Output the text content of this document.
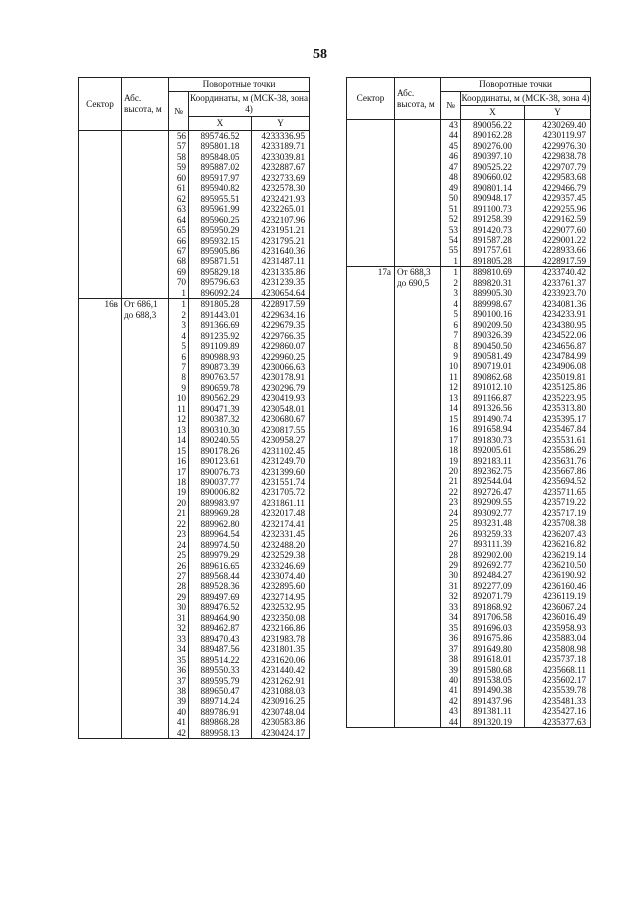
58
Сектор	Абс. высота, м	Поворотные точки		
		№	Координаты, м (МСК-38, зона 4)	
			X	Y
		56	895746.52	4233336.95
		57	895801.18	4233189.71
		58	895848.05	4233039.81
		59	895887.02	4232887.67
		60	895917.97	4232733.69
		61	895940.82	4232578.30
		62	895955.51	4232421.93
		63	895961.99	4232265.01
		64	895960.25	4232107.96
		65	895950.29	4231951.21
		66	895932.15	4231795.21
		67	895905.86	4231640.36
		68	895871.51	4231487.11
		69	895829.18	4231335.86
		70	895796.63	4231239.35
		1	896092.24	4230654.64
16в	От 686,1	1	891805.28	4228917.59
	до 688,3	2	891443.01	4229634.16
		3	891366.69	4229679.35
		4	891235.92	4229766.35
		5	891109.89	4229860.07
		6	890988.93	4229960.25
		7	890873.39	4230066.63
		8	890763.57	4230178.91
		9	890659.78	4230296.79
		10	890562.29	4230419.93
		11	890471.39	4230548.01
		12	890387.32	4230680.67
		13	890310.30	4230817.55
		14	890240.55	4230958.27
		15	890178.26	4231102.45
		16	890123.61	4231249.70
		17	890076.73	4231399.60
		18	890037.77	4231551.74
		19	890006.82	4231705.72
		20	889983.97	4231861.11
		21	889969.28	4232017.48
		22	889962.80	4232174.41
		23	889964.54	4232331.45
		24	889974.50	4232488.20
		25	889979.29	4232529.38
		26	889616.65	4233246.69
		27	889568.44	4233074.40
		28	889528.36	4232895.60
		29	889497.69	4232714.95
		30	889476.52	4232532.95
		31	889464.90	4232350.08
		32	889462.87	4232166.86
		33	889470.43	4231983.78
		34	889487.56	4231801.35
		35	889514.22	4231620.06
		36	889550.33	4231440.42
		37	889595.79	4231262.91
		38	889650.47	4231088.03
		39	889714.24	4230916.25
		40	889786.91	4230748.04
		41	889868.28	4230583.86
		42	889958.13	4230424.17
Сектор	Абс. высота, м	Поворотные точки		
		№	Координаты, м (МСК-38, зона 4)	
			X	Y
		43	890056.22	4230269.40
		44	890162.28	4230119.97
		45	890276.00	4229976.30
		46	890397.10	4229838.78
		47	890525.22	4229707.79
		48	890660.02	4229583.68
		49	890801.14	4229466.79
		50	890948.17	4229357.45
		51	891100.73	4229255.96
		52	891258.39	4229162.59
		53	891420.73	4229077.60
		54	891587.28	4229001.22
		55	891757.61	4228933.66
		1	891805.28	4228917.59
17а	От 688,3	1	889810.69	4233740.42
	до 690,5	2	889820.31	4233761.37
		3	889905.30	4233923.70
		4	889998.67	4234081.36
		5	890100.16	4234233.91
		6	890209.50	4234380.95
		7	890326.39	4234522.06
		8	890450.50	4234656.87
		9	890581.49	4234784.99
		10	890719.01	4234906.08
		11	890862.68	4235019.81
		12	891012.10	4235125.86
		13	891166.87	4235223.95
		14	891326.56	4235313.80
		15	891490.74	4235395.17
		16	891658.94	4235467.84
		17	891830.73	4235531.61
		18	892005.61	4235586.29
		19	892183.11	4235631.76
		20	892362.75	4235667.86
		21	892544.04	4235694.52
		22	892726.47	4235711.65
		23	892909.55	4235719.22
		24	893092.77	4235717.19
		25	893231.48	4235708.38
		26	893259.33	4236207.43
		27	893111.39	4236216.82
		28	892902.00	4236219.14
		29	892692.77	4236210.50
		30	892484.27	4236190.92
		31	892277.09	4236160.46
		32	892071.79	4236119.19
		33	891868.92	4236067.24
		34	891706.58	4236016.49
		35	891696.03	4235958.93
		36	891675.86	4235883.04
		37	891649.80	4235808.98
		38	891618.01	4235737.18
		39	891580.68	4235668.11
		40	891538.05	4235602.17
		41	891490.38	4235539.78
		42	891437.96	4235481.33
		43	891381.11	4235427.16
		44	891320.19	4235377.63
